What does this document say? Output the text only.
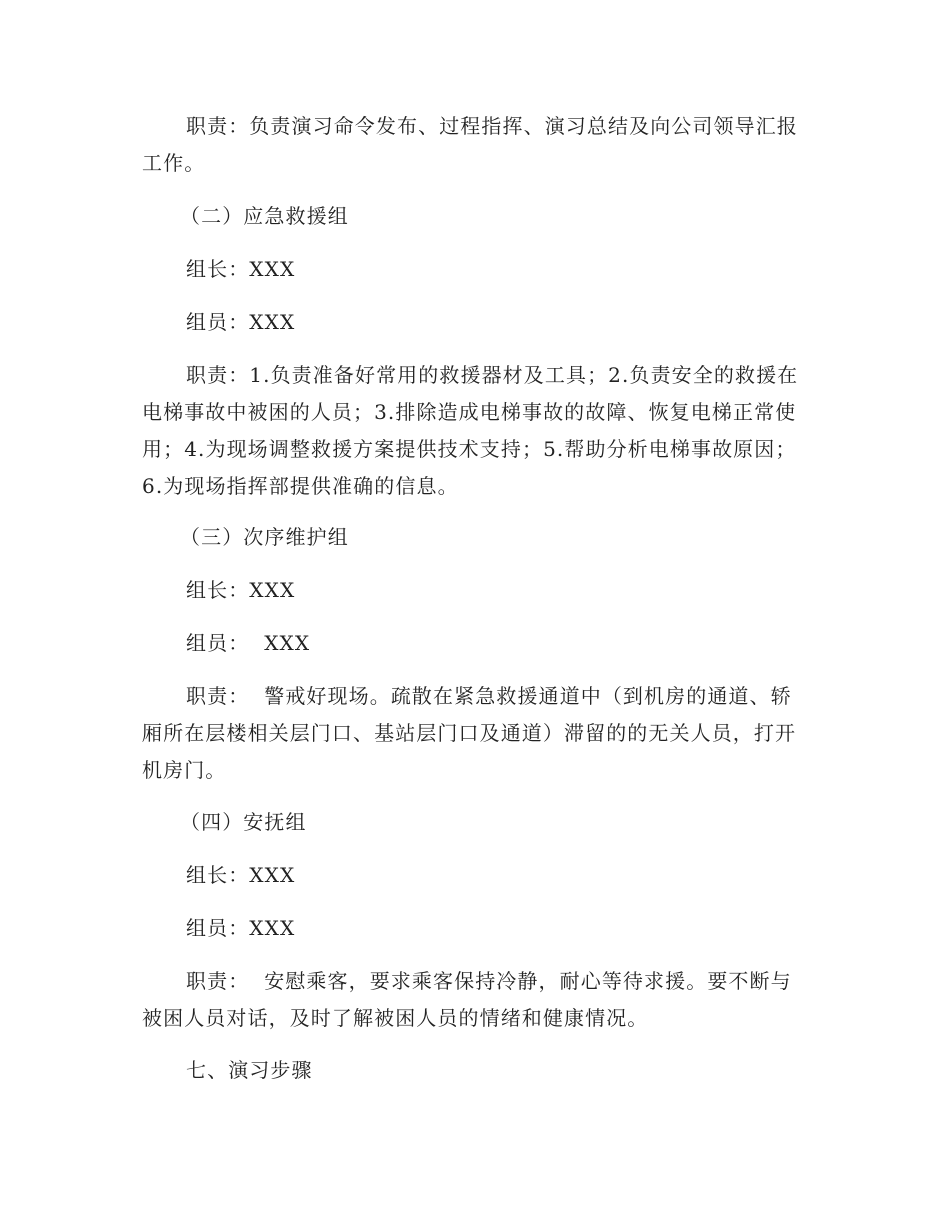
职责：负责演习命令发布、过程指挥、演习总结及向公司领导汇报工作。

（二）应急救援组

组长：XXX

组员：XXX

职责：1.负责准备好常用的救援器材及工具；2.负责安全的救援在电梯事故中被困的人员；3.排除造成电梯事故的故障、恢复电梯正常使用；4.为现场调整救援方案提供技术支持；5.帮助分析电梯事故原因；6.为现场指挥部提供准确的信息。

（三）次序维护组

组长：XXX

组员：  XXX

职责：  警戒好现场。疏散在紧急救援通道中（到机房的通道、轿厢所在层楼相关层门口、基站层门口及通道）滞留的的无关人员，打开机房门。

（四）安抚组

组长：XXX

组员：XXX

职责：  安慰乘客，要求乘客保持冷静，耐心等待求援。要不断与被困人员对话，及时了解被困人员的情绪和健康情况。

七、演习步骤
